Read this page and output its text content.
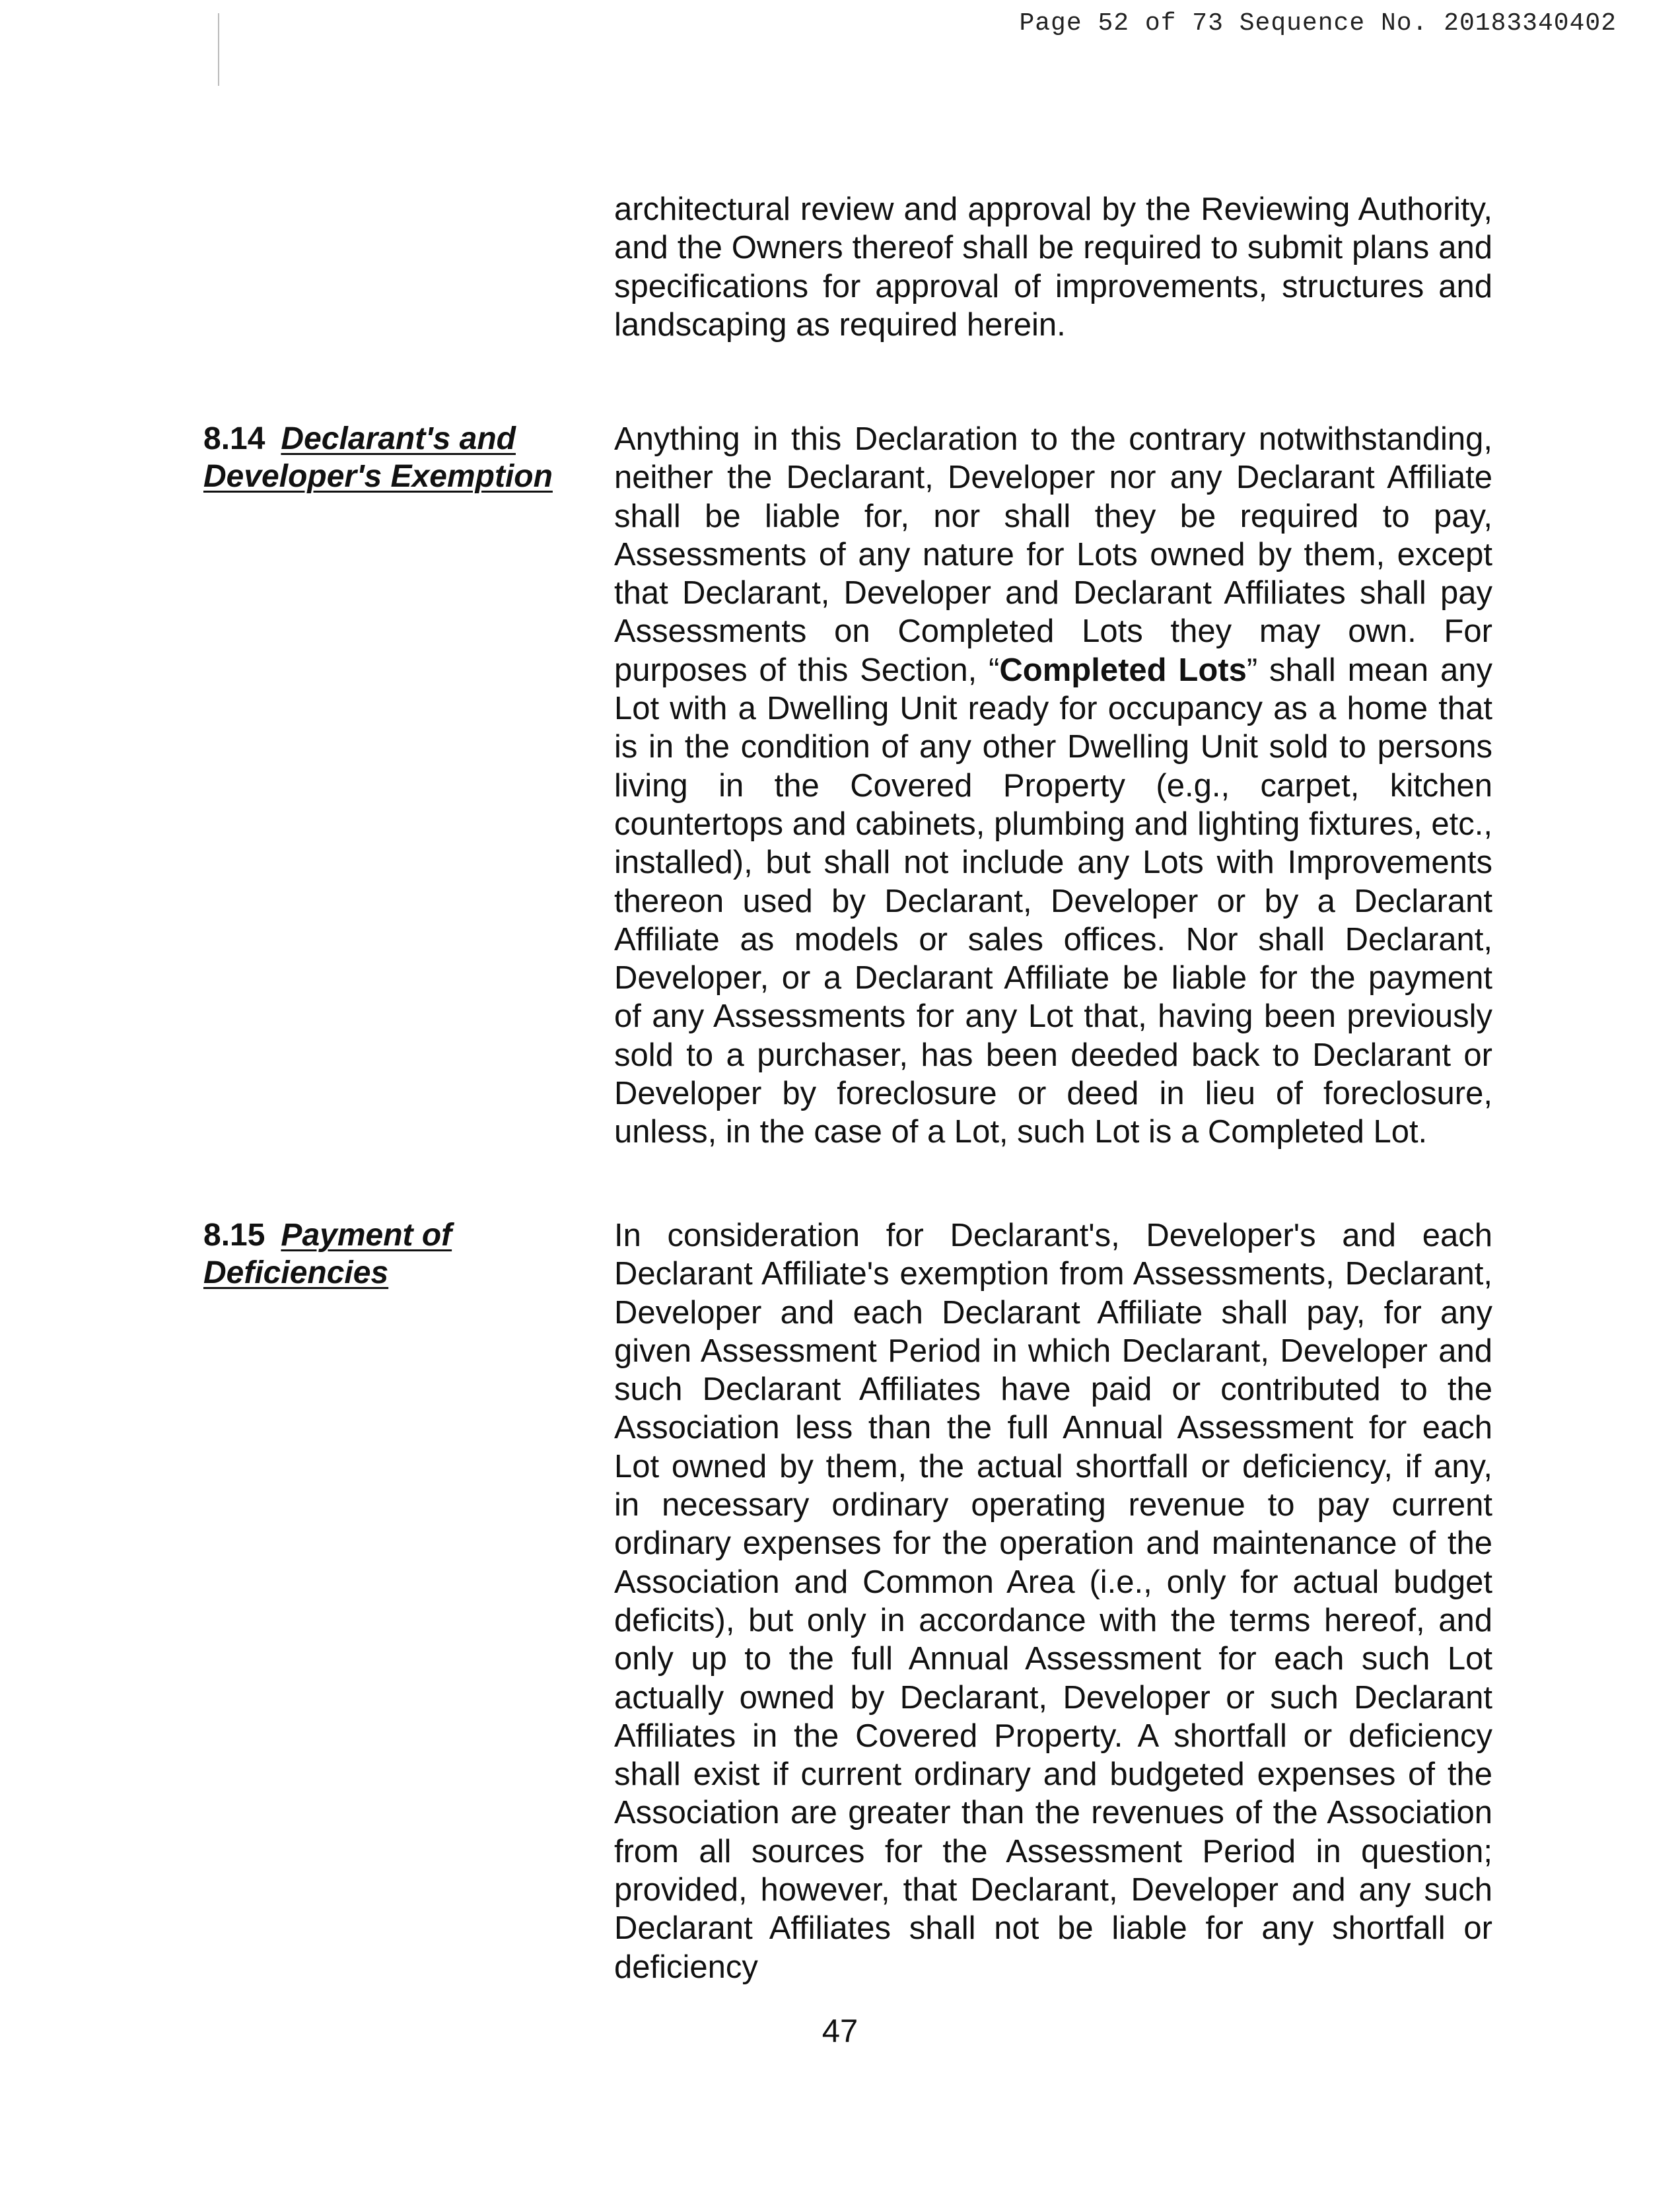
Page 52 of 73 Sequence No. 20183340402

architectural review and approval by the Reviewing Authority, and the Owners thereof shall be required to submit plans and specifications for approval of improvements, structures and landscaping as required herein.

8.14 Declarant's and Developer's Exemption

Anything in this Declaration to the contrary notwithstanding, neither the Declarant, Developer nor any Declarant Affiliate shall be liable for, nor shall they be required to pay, Assessments of any nature for Lots owned by them, except that Declarant, Developer and Declarant Affiliates shall pay Assessments on Completed Lots they may own. For purposes of this Section, “Completed Lots” shall mean any Lot with a Dwelling Unit ready for occupancy as a home that is in the condition of any other Dwelling Unit sold to persons living in the Covered Property (e.g., carpet, kitchen countertops and cabinets, plumbing and lighting fixtures, etc., installed), but shall not include any Lots with Improvements thereon used by Declarant, Developer or by a Declarant Affiliate as models or sales offices. Nor shall Declarant, Developer, or a Declarant Affiliate be liable for the payment of any Assessments for any Lot that, having been previously sold to a purchaser, has been deeded back to Declarant or Developer by foreclosure or deed in lieu of foreclosure, unless, in the case of a Lot, such Lot is a Completed Lot.

8.15 Payment of Deficiencies

In consideration for Declarant's, Developer's and each Declarant Affiliate's exemption from Assessments, Declarant, Developer and each Declarant Affiliate shall pay, for any given Assessment Period in which Declarant, Developer and such Declarant Affiliates have paid or contributed to the Association less than the full Annual Assessment for each Lot owned by them, the actual shortfall or deficiency, if any, in necessary ordinary operating revenue to pay current ordinary expenses for the operation and maintenance of the Association and Common Area (i.e., only for actual budget deficits), but only in accordance with the terms hereof, and only up to the full Annual Assessment for each such Lot actually owned by Declarant, Developer or such Declarant Affiliates in the Covered Property. A shortfall or deficiency shall exist if current ordinary and budgeted expenses of the Association are greater than the revenues of the Association from all sources for the Assessment Period in question; provided, however, that Declarant, Developer and any such Declarant Affiliates shall not be liable for any shortfall or deficiency

47
